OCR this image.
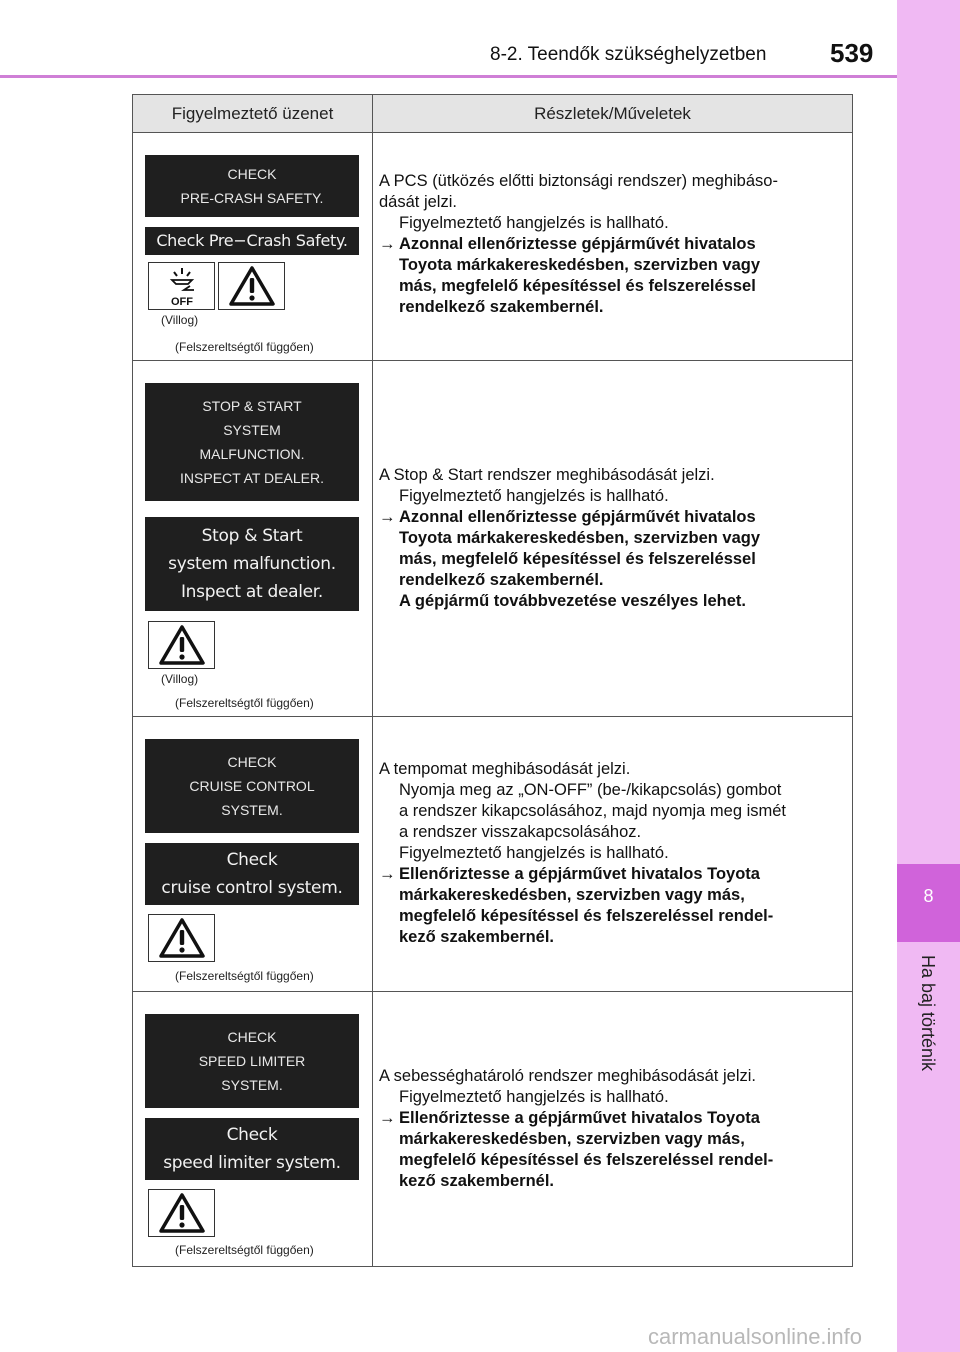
8-2. Teendők szükséghelyzetben 539
8
Ha baj történik
Figyelmeztető üzenet	Részletek/Műveletek
CHECK
PRE-CRASH SAFETY.
Check Pre−Crash Safety.
OFF
(Villog)
(Felszereltségtől függően)
A PCS (ütközés előtti biztonsági rendszer) meghibáso-
dását jelzi.
Figyelmeztető hangjelzés is hallható.
→ Azonnal ellenőriztesse gépjárművét hivatalos
Toyota márkakereskedésben, szervizben vagy
más, megfelelő képesítéssel és felszereléssel
rendelkező szakembernél.
STOP & START
SYSTEM
MALFUNCTION.
INSPECT AT DEALER.
Stop & Start
system malfunction.
Inspect at dealer.
(Villog)
(Felszereltségtől függően)
A Stop & Start rendszer meghibásodását jelzi.
Figyelmeztető hangjelzés is hallható.
→ Azonnal ellenőriztesse gépjárművét hivatalos
Toyota márkakereskedésben, szervizben vagy
más, megfelelő képesítéssel és felszereléssel
rendelkező szakembernél.
A gépjármű továbbvezetése veszélyes lehet.
CHECK
CRUISE CONTROL
SYSTEM.
Check
cruise control system.
(Felszereltségtől függően)
A tempomat meghibásodását jelzi.
Nyomja meg az „ON-OFF” (be-/kikapcsolás) gombot
a rendszer kikapcsolásához, majd nyomja meg ismét
a rendszer visszakapcsolásához.
Figyelmeztető hangjelzés is hallható.
→ Ellenőriztesse a gépjárművet hivatalos Toyota
márkakereskedésben, szervizben vagy más,
megfelelő képesítéssel és felszereléssel rendel-
kező szakembernél.
CHECK
SPEED LIMITER
SYSTEM.
Check
speed limiter system.
(Felszereltségtől függően)
A sebességhatároló rendszer meghibásodását jelzi.
Figyelmeztető hangjelzés is hallható.
→ Ellenőriztesse a gépjárművet hivatalos Toyota
márkakereskedésben, szervizben vagy más,
megfelelő képesítéssel és felszereléssel rendel-
kező szakembernél.
carmanualsonline.info
